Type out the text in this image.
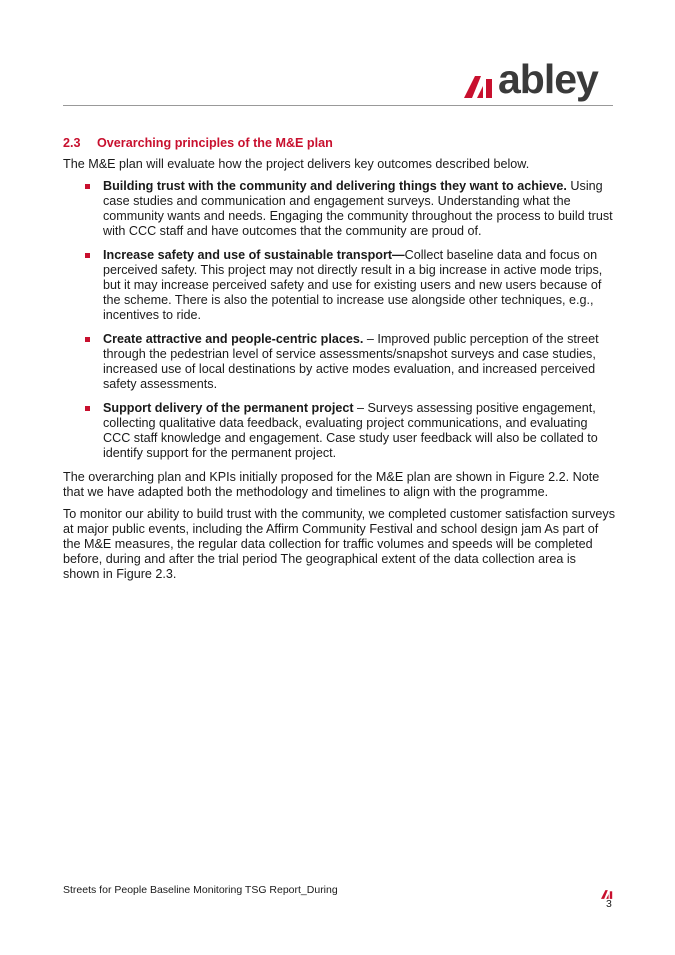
abley
2.3	Overarching principles of the M&E plan

The M&E plan will evaluate how the project delivers key outcomes described below.

Building trust with the community and delivering things they want to achieve. Using case studies and communication and engagement surveys. Understanding what the community wants and needs. Engaging the community throughout the process to build trust with CCC staff and have outcomes that the community are proud of.
Increase safety and use of sustainable transport—Collect baseline data and focus on perceived safety. This project may not directly result in a big increase in active mode trips, but it may increase perceived safety and use for existing users and new users because of the scheme. There is also the potential to increase use alongside other techniques, e.g., incentives to ride.
Create attractive and people-centric places. – Improved public perception of the street through the pedestrian level of service assessments/snapshot surveys and case studies, increased use of local destinations by active modes evaluation, and increased perceived safety assessments.
Support delivery of the permanent project – Surveys assessing positive engagement, collecting qualitative data feedback, evaluating project communications, and evaluating CCC staff knowledge and engagement. Case study user feedback will also be collated to identify support for the permanent project.

The overarching plan and KPIs initially proposed for the M&E plan are shown in Figure 2.2. Note that we have adapted both the methodology and timelines to align with the programme.

To monitor our ability to build trust with the community, we completed customer satisfaction surveys at major public events, including the Affirm Community Festival and school design jam As part of the M&E measures, the regular data collection for traffic volumes and speeds will be completed before, during and after the trial period The geographical extent of the data collection area is shown in Figure 2.3.

Streets for People Baseline Monitoring TSG Report_During
3
